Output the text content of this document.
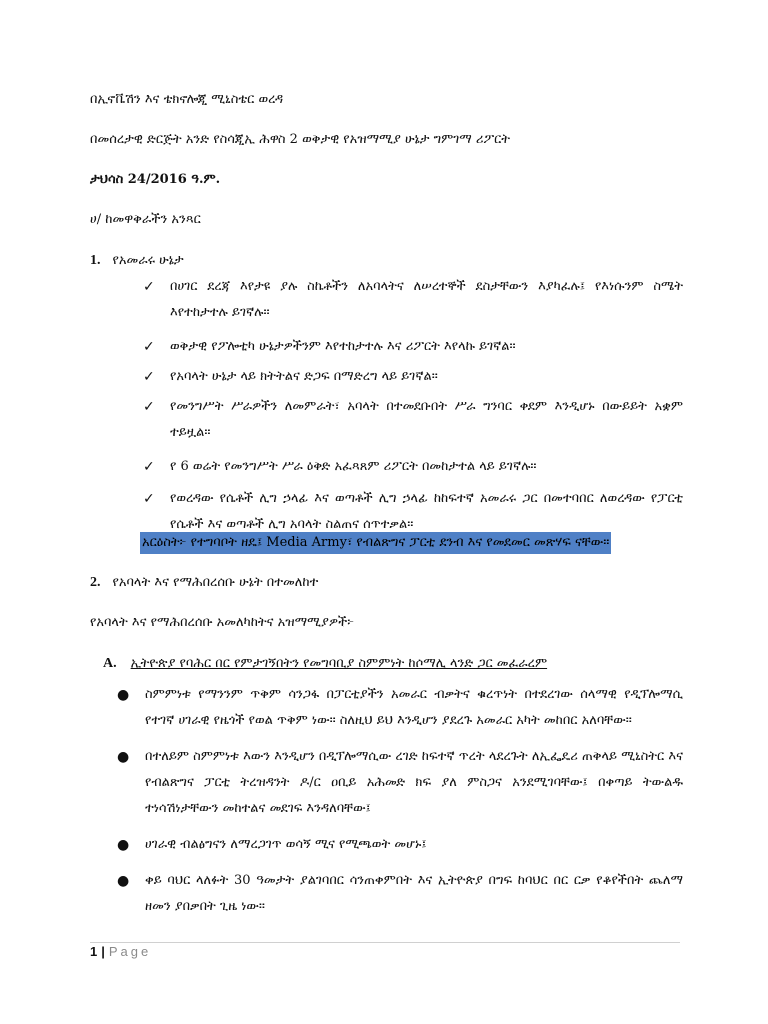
በኢኖቬሽን እና ቴክኖሎጂ ሚኒስቴር ወረዳ
በመሰረታዊ ድርጅት አንድ የስሳጂኢ ሕዋስ 2 ወቅታዊ የአዝማሚያ ሁኔታ ግምገማ ሪፖርት
ታህሳስ 24/2016 ዓ.ም.
ሀ/ ከመዋቅራችን አንጻር
1. የአመራሩ ሁኔታ
✓ በሀገር ደረጃ እየታዩ ያሉ ስኬቶችን ለአባላትና ለሠረተኞች ደስታቸውን እያካፈሉ፤ የእነሱንም ስሜት እየተከታተሉ ይገኛሉ።
✓ ወቅታዊ የፖሎቲካ ሁኔታዎችንም እየተከታተሉ እና ሪፖርት እየላኩ ይገኛል።
✓ የአባላት ሁኔታ ላይ ክትትልና ድጋፍ በማድረግ ላይ ይገኛል።
✓ የመንግሥት ሥራዎችን ለመምራት፣ አባላት በተመደቡበት ሥራ ግንባር ቀደም እንዲሆኑ በውይይት አቋም ተይዟል።
✓ የ 6 ወሬት የመንግሥት ሥራ ዕቅድ አፈጻጸም ሪፖርት በመከታተል ላይ ይገኛሉ።
✓ የወረዳው የሴቶች ሊግ ኃላፊ እና ወጣቶች ሊግ ኃላፊ ከከፍተኛ አመራሩ ጋር በመተባበር ለወረዳው የፓርቲ የሴቶች እና ወጣቶች ሊግ አባላት ስልጠና ሰጥተቃል።
አርዕስት፦ የተግባቦት ዘዴ፤ Media Army፣ የብልጽግና ፓርቲ ደንብ እና የመደመር መጽሃፍ ናቸው።
2. የአባላት እና የማሕበረሰቡ ሁኔት በተመለከተ
የአባላት እና የማሕበረሰቡ አመለካከትና አዝማሚያዎች፦
A. ኢትዮጵያ የባሕር በር የምታገኝበትን የመግባቢያ ስምምነት ከሶማሊ ላንድ ጋር መፈራረም
● ስምምነቱ የማንንም ጥቅም ሳንጋፋ በፓርቲያችን አመራር ብቃትና ቁረጥነት በተደረገው ሰላማዊ የዲፕሎማሲ የተገኛ ሀገራዊ የዜጎች የወል ጥቅም ነው። ስለዚህ ይህ እንዲሆን ያደረጉ አመራር አካት መከበር አለባቸው።
● በተለይም ስምምነቱ እውን እንዲሆን በዲፕሎማሲው ረገድ ከፍተኛ ጥረት ላደረጉት ለኢፌዴሪ ጠቅላይ ሚኒስትር እና የብልጽግና ፓርቲ ትረዝዳንት ዶ/ር ዐቢይ አሕመድ ክፍ ያለ ምስጋና አንደሚገባቸው፤ በቀጣይ ትውልዱ ተነሳሽነታቸውን መከተልና መደገፍ እንዳለባቸው፤
● ሀገራዊ ብልፅግናን ለማረጋገጥ ወሳኝ ሚና የሚጫወት መሆኑ፤
● ቀይ ባህር ላለፉት 30 ዓመታት ያልገባበር ሳንጠቀምበት እና ኢትዮጵያ በግፍ ከባህር በር ርቃ የቆየችበት ጨለማ ዘመን ያበቃበት ጊዜ ነው።
1 | Page
